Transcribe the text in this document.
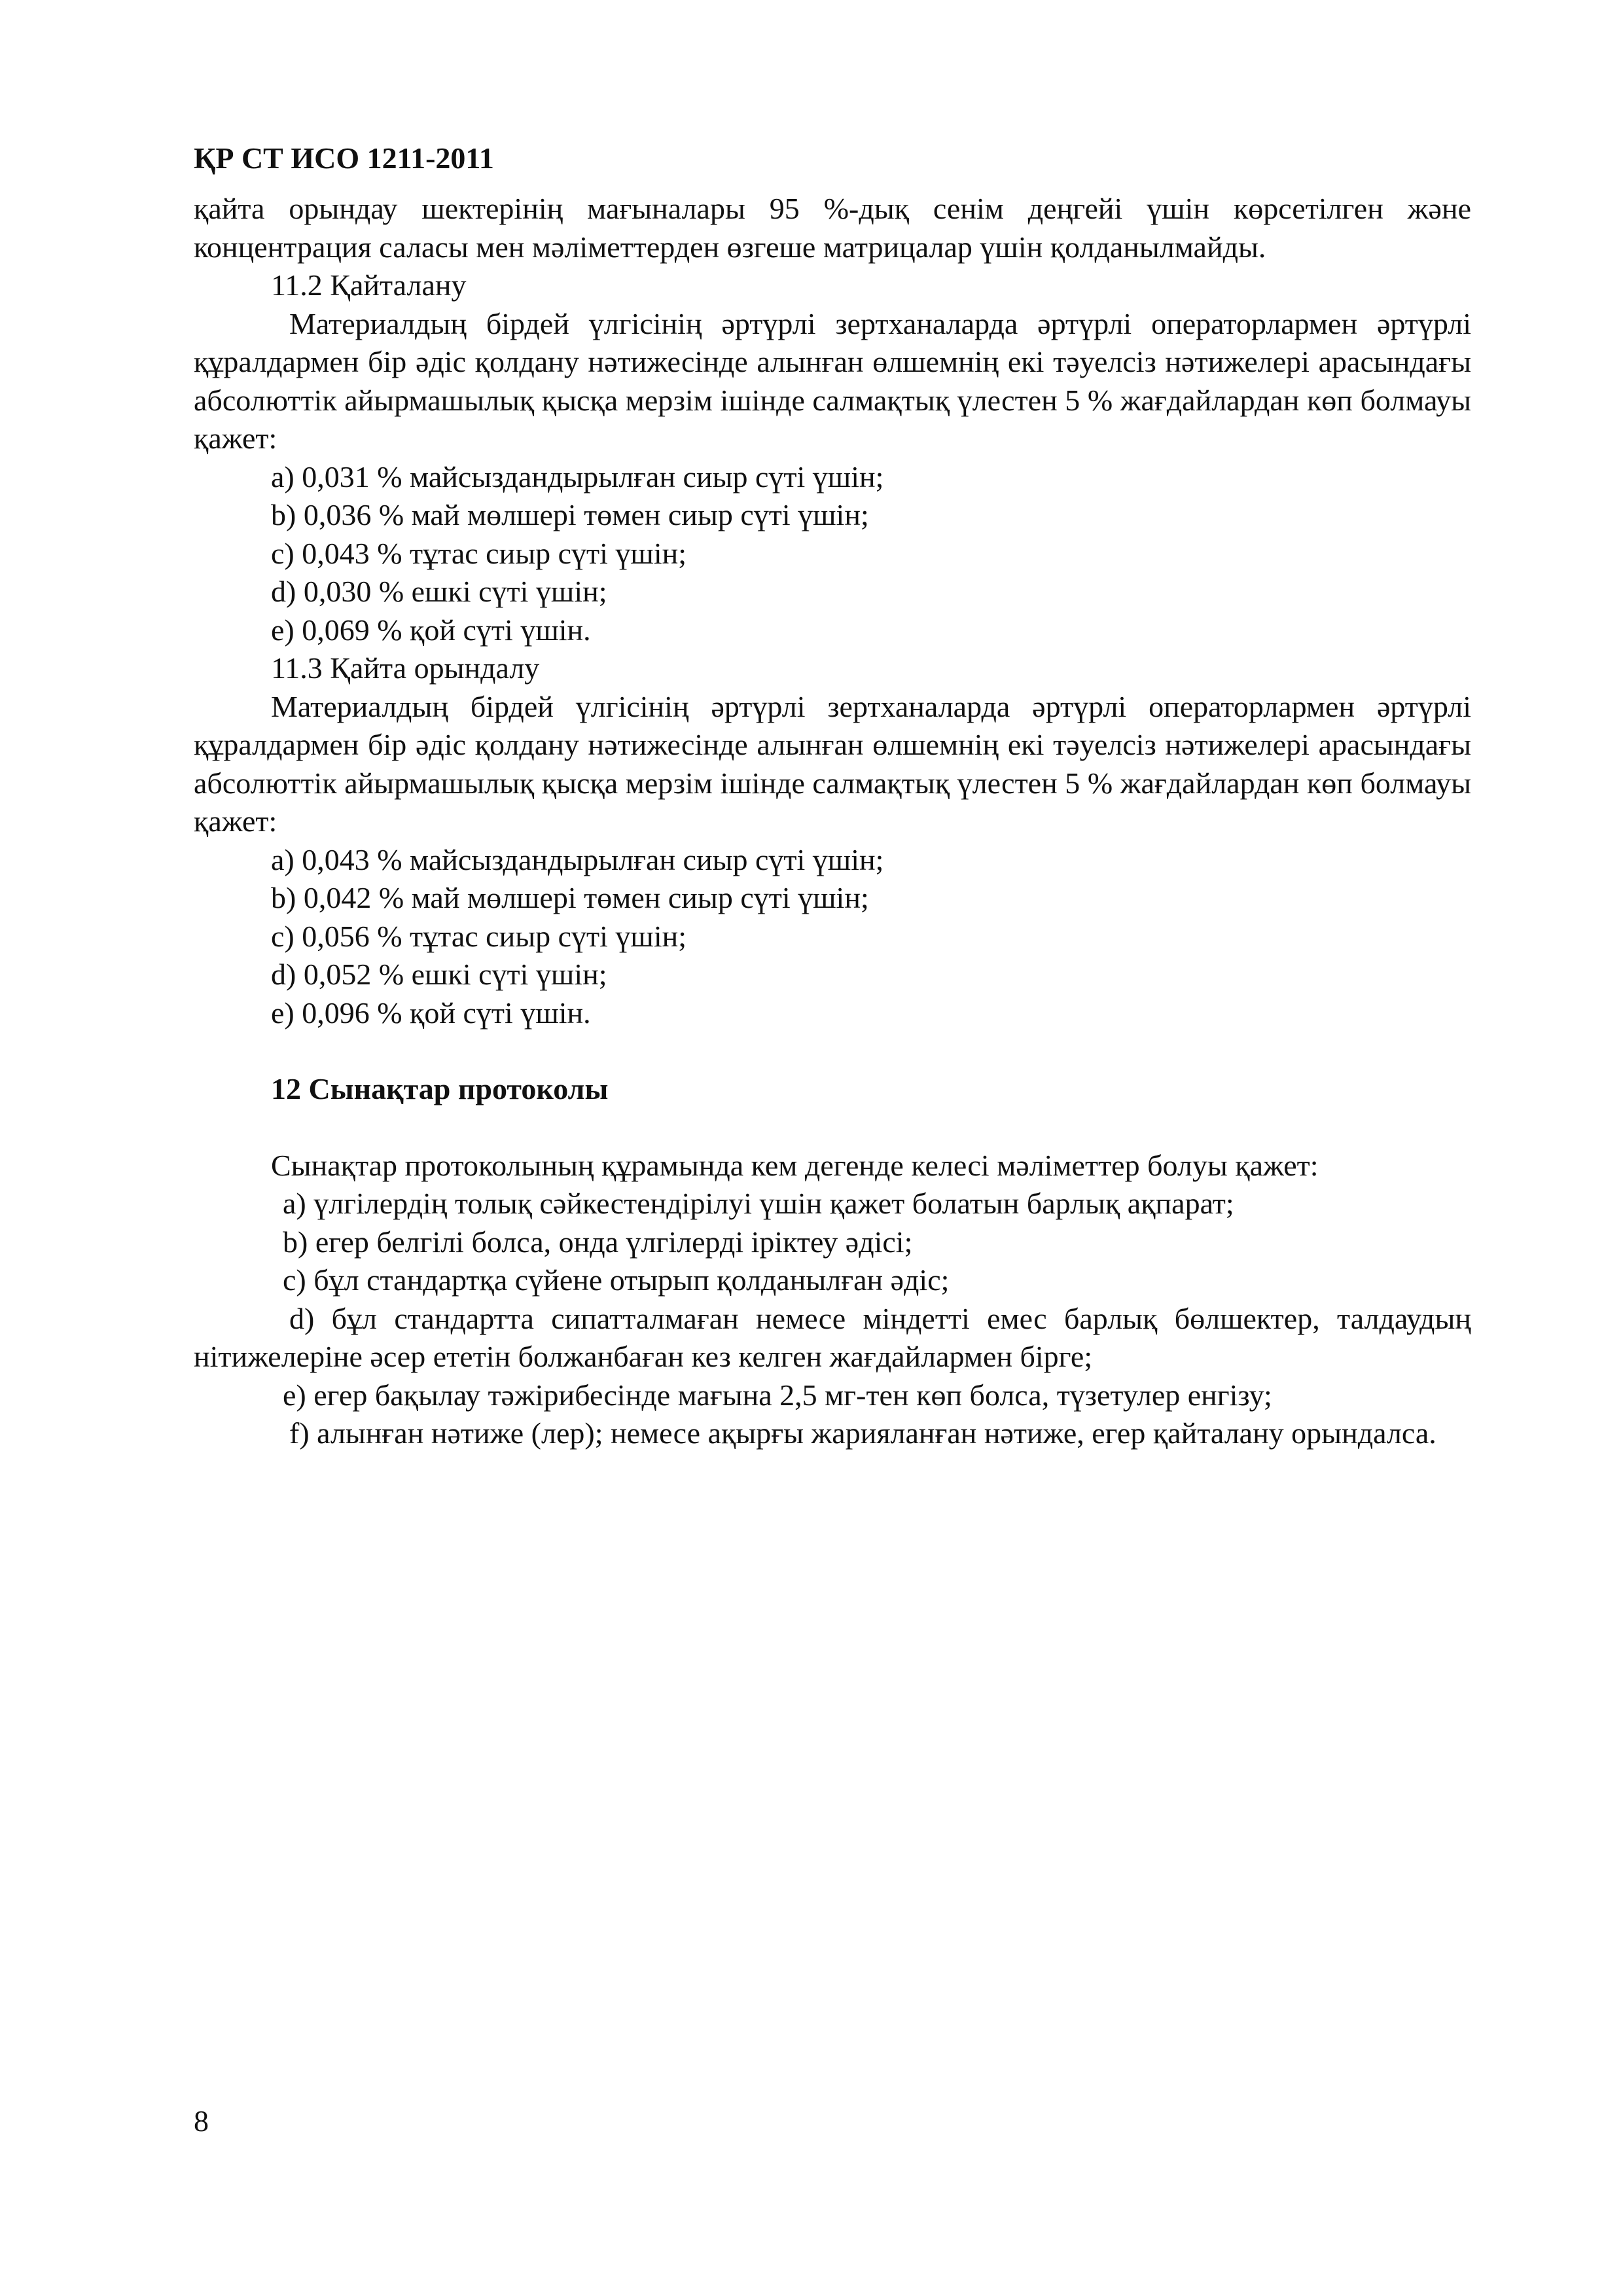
ҚР СТ ИСО 1211-2011

қайта орындау шектерінің мағыналары 95 %-дық сенім деңгейі үшін көрсетілген және концентрация саласы мен мәліметтерден өзгеше матрицалар үшін қолданылмайды.

11.2 Қайталану

Материалдың бірдей үлгісінің әртүрлі зертханаларда әртүрлі операторлармен әртүрлі құралдармен бір әдіс қолдану нәтижесінде алынған өлшемнің екі тәуелсіз нәтижелері арасындағы абсолюттік айырмашылық қысқа мерзім ішінде салмақтық үлестен 5 % жағдайлардан көп болмауы қажет:

a) 0,031 % майсыздандырылған сиыр сүті үшін;

b) 0,036 % май мөлшері төмен сиыр сүті үшін;

c) 0,043 % тұтас сиыр сүті үшін;

d) 0,030 % ешкі сүті үшін;

e) 0,069 % қой сүті үшін.

11.3 Қайта орындалу

Материалдың бірдей үлгісінің әртүрлі зертханаларда әртүрлі операторлармен әртүрлі құралдармен бір әдіс қолдану нәтижесінде алынған өлшемнің екі тәуелсіз нәтижелері арасындағы абсолюттік айырмашылық қысқа мерзім ішінде салмақтық үлестен 5 % жағдайлардан көп болмауы қажет:

a) 0,043 % майсыздандырылған сиыр сүті үшін;

b) 0,042 % май мөлшері төмен сиыр сүті үшін;

c) 0,056 % тұтас сиыр сүті үшін;

d) 0,052 % ешкі сүті үшін;

e) 0,096 % қой сүті үшін.

12 Сынақтар протоколы

Сынақтар протоколының құрамында кем дегенде келесі мәліметтер болуы қажет:

a) үлгілердің толық сәйкестендірілуі үшін қажет болатын барлық ақпарат;

b) егер белгілі болса, онда үлгілерді іріктеу әдісі;

c) бұл стандартқа сүйене отырып қолданылған әдіс;

d) бұл стандартта сипатталмаған немесе міндетті емес барлық бөлшектер, талдаудың нітижелеріне әсер ететін болжанбаған кез келген жағдайлармен бірге;

e) егер бақылау тәжірибесінде мағына 2,5 мг-тен көп болса, түзетулер енгізу;

f) алынған нәтиже (лер); немесе ақырғы жарияланған нәтиже, егер қайталану орындалса.

8
